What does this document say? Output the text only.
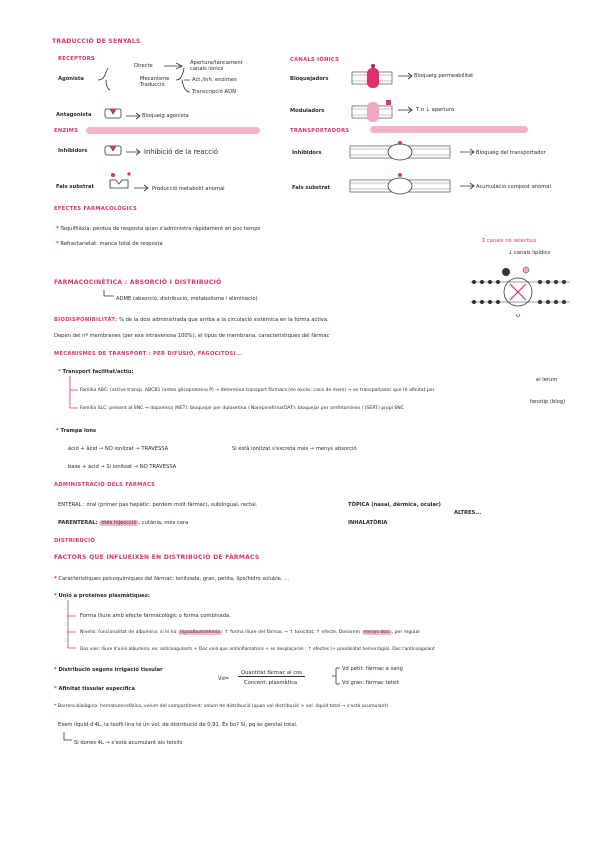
TRADUCCIÓ DE SENYALS
RECEPTORS
Agonista
Directe
Mecanisme Traducció
Apertura/tancament canals iònics
Act./inh. enzimes
Transcripció ADN
Antagonista	Bloqueig agonista
ENZIMS
Inhibidors	Inhibició de la reacció
Fals substrat	Producció metabolit anòmal
CANALS IÒNICS
Bloquejadors	Bloqueig permeabilitat
Moduladors	T o ↓ apertura
TRANSPORTADORS
Inhibidors	Bloqueig del transportador
Fals substrat	Acumulació compost anòmal
EFECTES FARMACOLÒGICS
* Taquifilàxia: pèrdua de resposta quan s'administra ràpidament en poc temps
* Refractarietat: manca total de resposta	Σ canals no selectius
↓ canals lipídics
FARMACOCINÈTICA : ABSORCIÓ I DISTRIBUCIÓ
ADME (absorció, distribució, metabolisme i eliminació)
BIODISPONIBILITAT: % de la dosi administrada que arriba a la circulació sistèmica en la forma activa.
Depen del nº membranes (per exe intravenosa 100%), el tipus de membrana, característiques del fàrmac
MECANISMES DE TRANSPORT : PER DIFUSIÓ, FAGOCITOSI...
* Transport facilitat/actiu:
Família ABC: (active transp. ABCB1 (antes glicoproteina P) → determina transport fàrmacs (en excés: cans de mem) → es transportador que té afinitat per
Família SLC: present al SNC → dopamina (NET): bloquejar per duloxetina / Norepinefrina(DAT): bloquejar per amfetamines / (SERT) propi SNC
el lerum
fenotip (blog)
* Trampa ions
àcid + àcid → NO ionitzat → TRAVESSA	Si està ionitzat s'excreta més → menys absorció
base + àcid → Si ionitzat → NO TRAVESSA
ADMINISTRACIÓ DELS FÀRMACS
ENTERAL : oral (primer pas hepàtic: perdem molt fàrmac), sublingual, rectal.	TÒPICA (nasal, dèrmica, ocular)
ALTRES...
PARENTERAL: més injeccció , cutània, més cara	INHALATÒRIA
DISTRIBUCIÓ
FACTORS QUE INFLUEIXEN EN DISTRIBUCIÓ DE FÀRMACS
* Característiques psicoquímiques del fàrmac: ionitzada, gran, petita, lipo/hidro soluble, ...
* Unió a proteïnes plasmàtiques:
Forma lliure amb efecte farmacològic o forma combinada.
Nivells: funcionalitat de albumina: si hi ha hipoalbuminèmia : ↑ forma lliure del fàrmac → ↑ toxicitat, ↑ efecte. Donarem menys dosi , per regular
Dos vies: lliure d'unió albumina: ex: anticoagulants + Doc unió que antiinflamatoris + es desplaçaran : ↑ efectes (+ possibilitat hemorràgia). Doc l'anticoagulant
* Distribució segons irrigació tissular
Vd=
Quantitat fàrmac al cos
Concent. plasmàtica
Vd petit: fàrmac a sang
Vd gran: fàrmac teixit
* Afinitat tissular específica
* Barrera biològica: hematoencefàlica, volum del compartiment: volum de distribució (quan vol distribució > vol. líquid total → s'està acumulant)
Exem líquid d'4L, la teofil·lina té un vol. de distribució de 0,91. És bo? Sí, pq és genital total.
Si dones 4L → s'està acumulant als teixits
